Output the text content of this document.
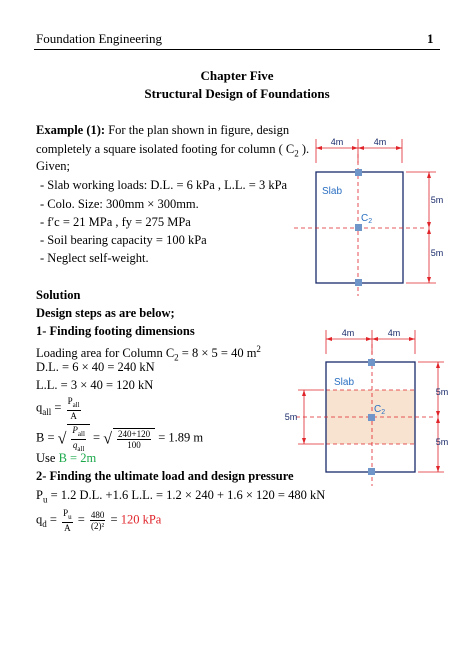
Foundation Engineering	1
Chapter Five
Structural Design of Foundations
Example (1): For the plan shown in figure, design
completely a square isolated footing for column ( $C_2$ ).
Given;
- Slab working loads: D.L. = 6 kPa , L.L. = 3 kPa
- Colo. Size: 300mm × 300mm.
- f′c = 21 MPa , fy = 275 MPa
- Soil bearing capacity = 100 kPa
- Neglect self-weight.
Solution
Design steps as are below;
1- Finding footing dimensions
Loading area for Column $C_2 = 8 \times 5 = 40$ $m^2$
D.L. = 6 × 40 = 240 kN
L.L. = 3 × 40 = 120 kN
$q_{all} = \frac{P_{all}}{A}$
B = √ $\frac{P_{all}}{q_{all}}$ = √ $\frac{240+120}{100} = 1.89$ m
Use B = 2m
2- Finding the ultimate load and design pressure
$P_u = 1.2$ D.L. +1.6 L.L. = 1.2 × 240 + 1.6 × 120 = 480 kN
$q_d = \frac{P_u}{A} = \frac{480}{\text{(2)²}} = 120$ kPa
4m	4m
5m
5m
Slab
$C_2$
4m	4m
5m
5m
5m
Slab
$C_2$
